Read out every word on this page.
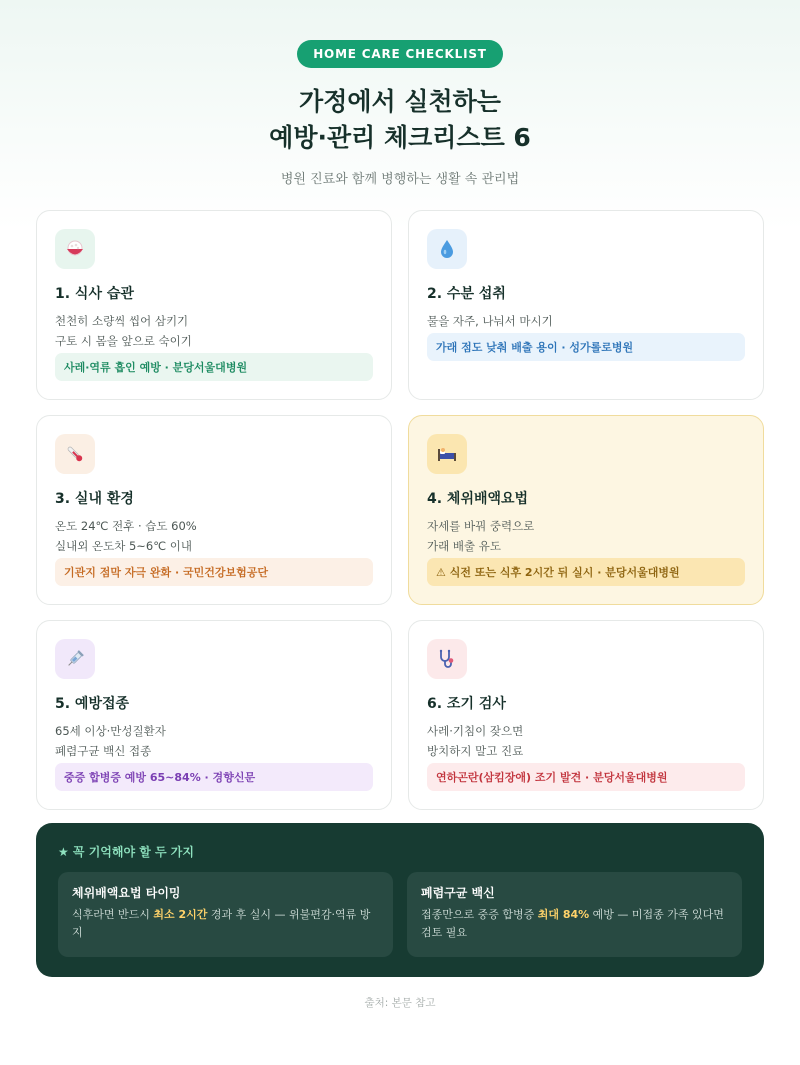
HOME CARE CHECKLIST
가정에서 실천하는
예방·관리 체크리스트 6
병원 진료와 함께 병행하는 생활 속 관리법
1. 식사 습관
천천히 소량씩 씹어 삼키기
구토 시 몸을 앞으로 숙이기
사레·역류 흡인 예방 · 분당서울대병원
2. 수분 섭취
물을 자주, 나눠서 마시기
가래 점도 낮춰 배출 용이 · 성가롤로병원
3. 실내 환경
온도 24℃ 전후 · 습도 60%
실내외 온도차 5~6℃ 이내
기관지 점막 자극 완화 · 국민건강보험공단
4. 체위배액요법
자세를 바꿔 중력으로
가래 배출 유도
⚠ 식전 또는 식후 2시간 뒤 실시 · 분당서울대병원
5. 예방접종
65세 이상·만성질환자
폐렴구균 백신 접종
중증 합병증 예방 65~84% · 경향신문
6. 조기 검사
사레·기침이 잦으면
방치하지 말고 진료
연하곤란(삼킴장애) 조기 발견 · 분당서울대병원
★ 꼭 기억해야 할 두 가지
체위배액요법 타이밍
식후라면 반드시 최소 2시간 경과 후 실시 — 위불편감·역류 방지
폐렴구균 백신
접종만으로 중증 합병증 최대 84% 예방 — 미접종 가족 있다면 검토 필요
출처: 본문 참고
